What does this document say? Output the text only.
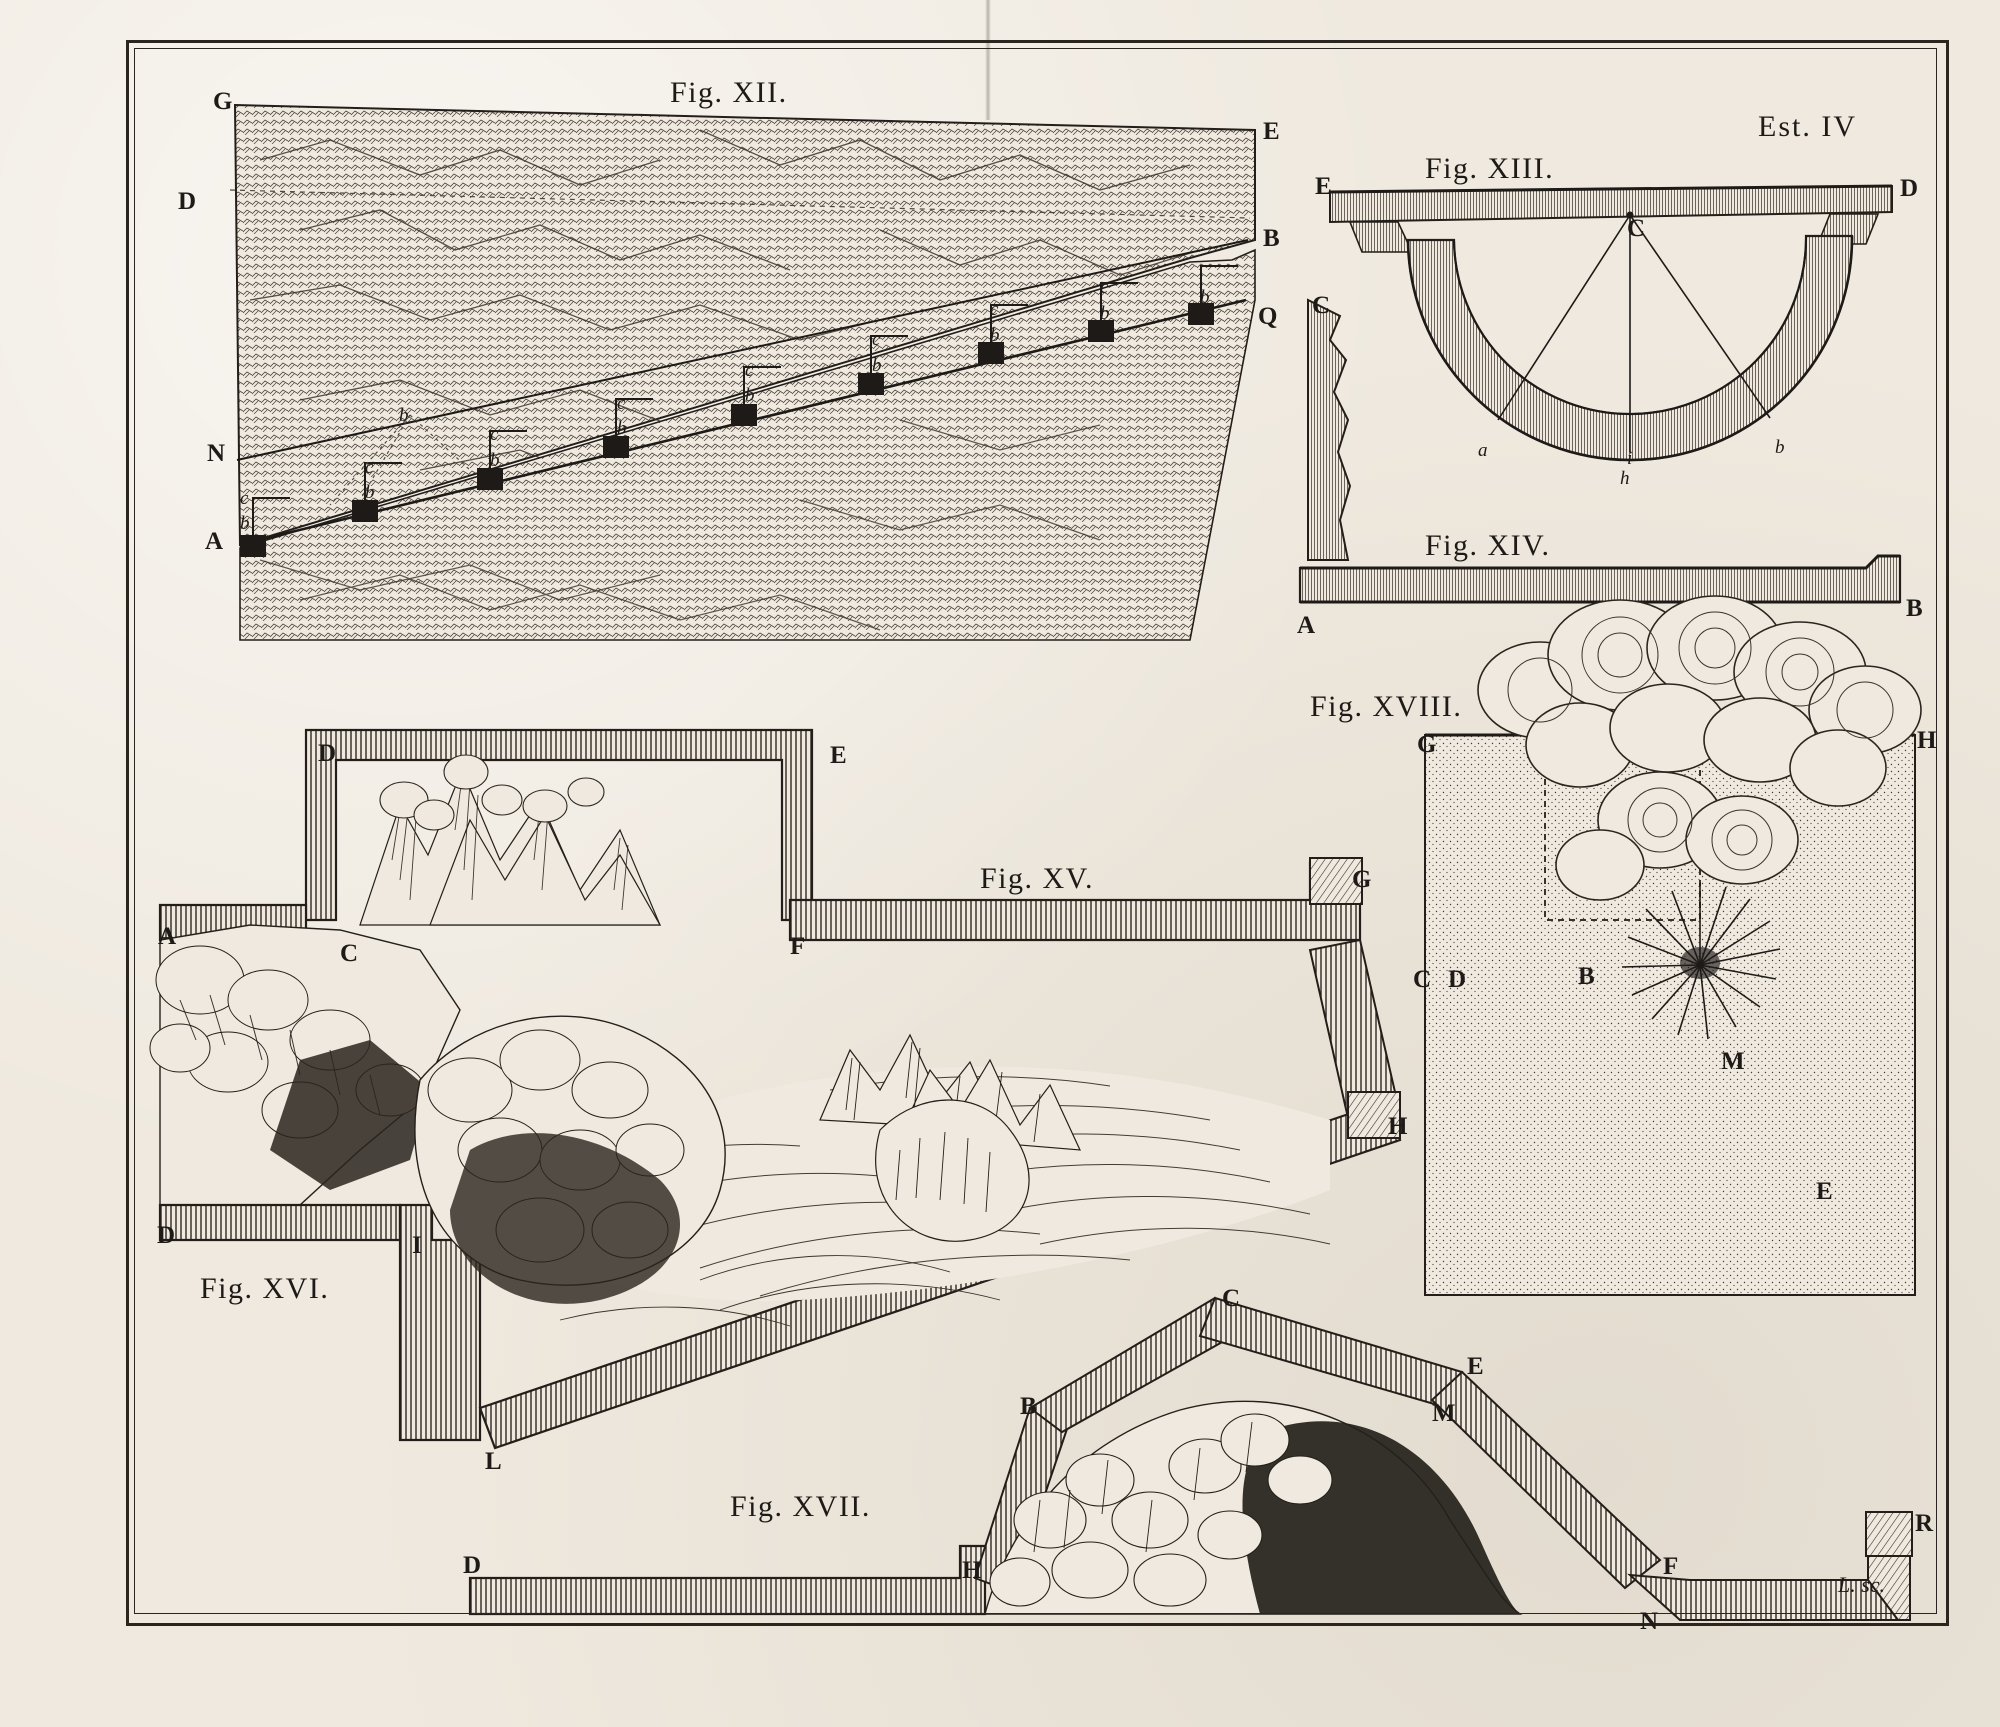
Fig. XII.
Fig. XIII.
Fig. XIV.
Fig. XV.
Fig. XVI.
Fig. XVII.
Fig. XVIII.
G
E
D
B
Q
N
A
b
b
c
b
c
b
c
b
c
b
c
b
c
b
c
b
c
b
E	D
C
a	b
h
i
C
A
B
G
A
C	F
D	I
H
L
D	E
C
B
E
M
F
R
N
D	H
G	H
C D	B
M
E
Est. IV
L. sc.
